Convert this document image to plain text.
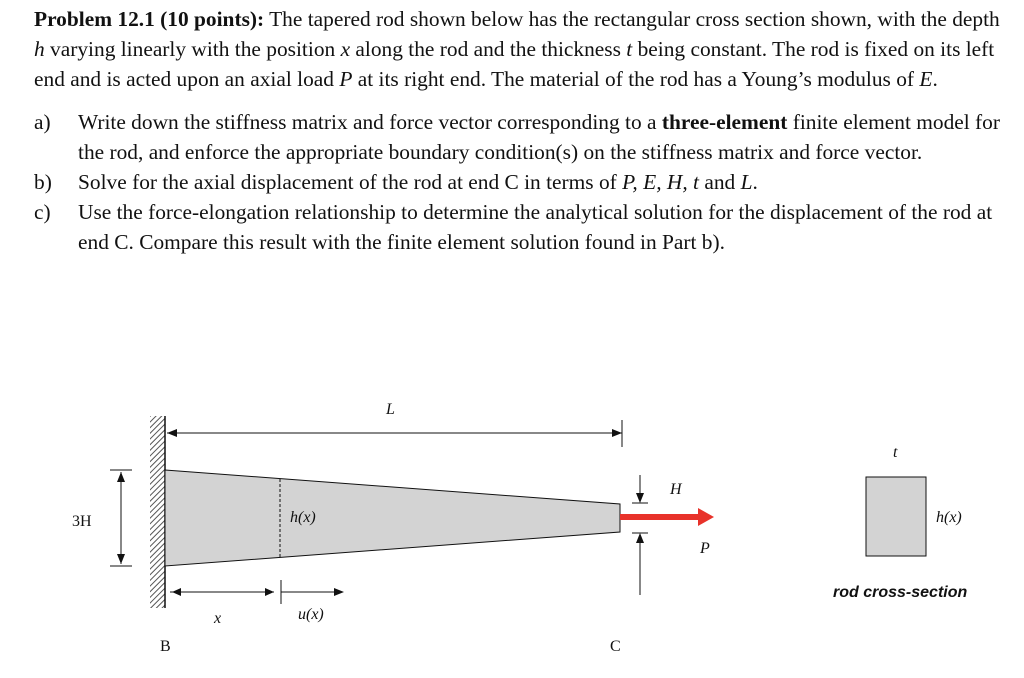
Problem 12.1 (10 points): The tapered rod shown below has the rectangular cross section shown, with the depth h varying linearly with the position x along the rod and the thickness t being constant. The rod is fixed on its left end and is acted upon an axial load P at its right end. The material of the rod has a Young’s modulus of E.

a) Write down the stiffness matrix and force vector corresponding to a three-element finite element model for the rod, and enforce the appropriate boundary condition(s) on the stiffness matrix and force vector.

b) Solve for the axial displacement of the rod at end C in terms of P, E, H, t and L.

c) Use the force-elongation relationship to determine the analytical solution for the displacement of the rod at end C. Compare this result with the finite element solution found in Part b).

L
3H	h(x)
H
P
x	u(x)
B	C
t
h(x)
rod cross-section
